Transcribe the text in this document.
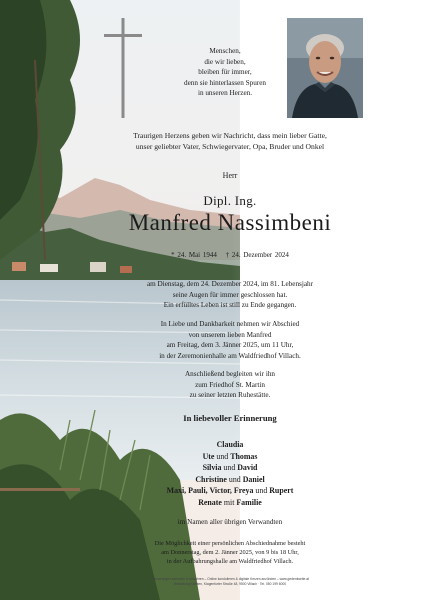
Menschen,
die wir lieben,
bleiben für immer,
denn sie hinterlassen Spuren
in unseren Herzen.
Traurigen Herzens geben wir Nachricht, dass mein lieber Gatte,
unser geliebter Vater, Schwiegervater, Opa, Bruder und Onkel
Herr
Dipl. Ing.
Manfred Nassimbeni
* 24. Mai 1944 † 24. Dezember 2024
am Dienstag, dem 24. Dezember 2024, im 81. Lebensjahr
seine Augen für immer geschlossen hat.
Ein erfülltes Leben ist still zu Ende gegangen.
In Liebe und Dankbarkeit nehmen wir Abschied
von unserem lieben Manfred
am Freitag, dem 3. Jänner 2025, um 11 Uhr,
in der Zeremonienhalle am Waldfriedhof Villach.
Anschließend begleiten wir ihn
zum Friedhof St. Martin
zu seiner letzten Ruhestätte.
In liebevoller Erinnerung
Claudia
Ute und Thomas
Silvia und David
Christine und Daniel
Maxi, Pauli, Victor, Freya und Rupert
Renate mit Familie
im Namen aller übrigen Verwandten
Die Möglichkeit einer persönlichen Abschiednahme besteht
am Donnerstag, dem 2. Jänner 2025, von 9 bis 18 Uhr,
in der Aufbahrungshalle am Waldfriedhof Villach.
Erinnerungen sammeln & bewahren – Online kondolieren & digitale Kerzen anzünden – www.gedenkseite.at
Bestattung Kärnten, Klagenfurter Straße 48, 9500 Villach · Tel. 050 199 6000
